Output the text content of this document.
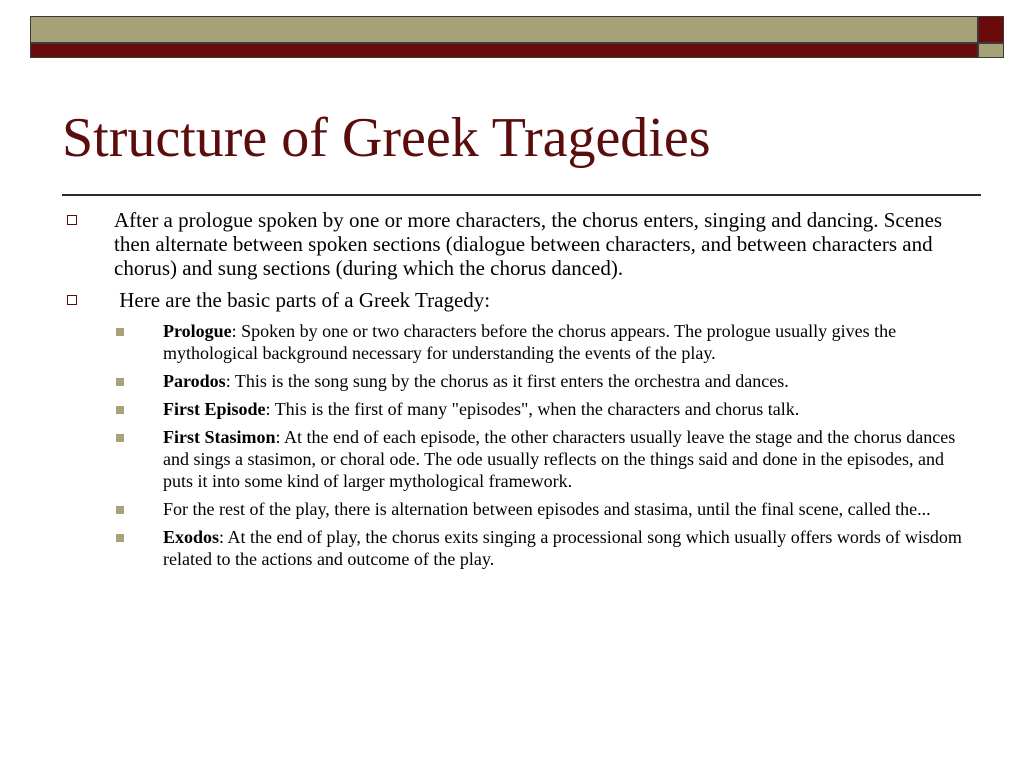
Structure of Greek Tragedies
After a prologue spoken by one or more characters, the chorus enters, singing and dancing. Scenes then alternate between spoken sections (dialogue between characters, and between characters and chorus) and sung sections (during which the chorus danced).
Here are the basic parts of a Greek Tragedy:
Prologue: Spoken by one or two characters before the chorus appears. The prologue usually gives the mythological background necessary for understanding the events of the play.
Parodos: This is the song sung by the chorus as it first enters the orchestra and dances.
First Episode: This is the first of many "episodes", when the characters and chorus talk.
First Stasimon: At the end of each episode, the other characters usually leave the stage and the chorus dances and sings a stasimon, or choral ode. The ode usually reflects on the things said and done in the episodes, and puts it into some kind of larger mythological framework.
For the rest of the play, there is alternation between episodes and stasima, until the final scene, called the...
Exodos: At the end of play, the chorus exits singing a processional song which usually offers words of wisdom related to the actions and outcome of the play.
